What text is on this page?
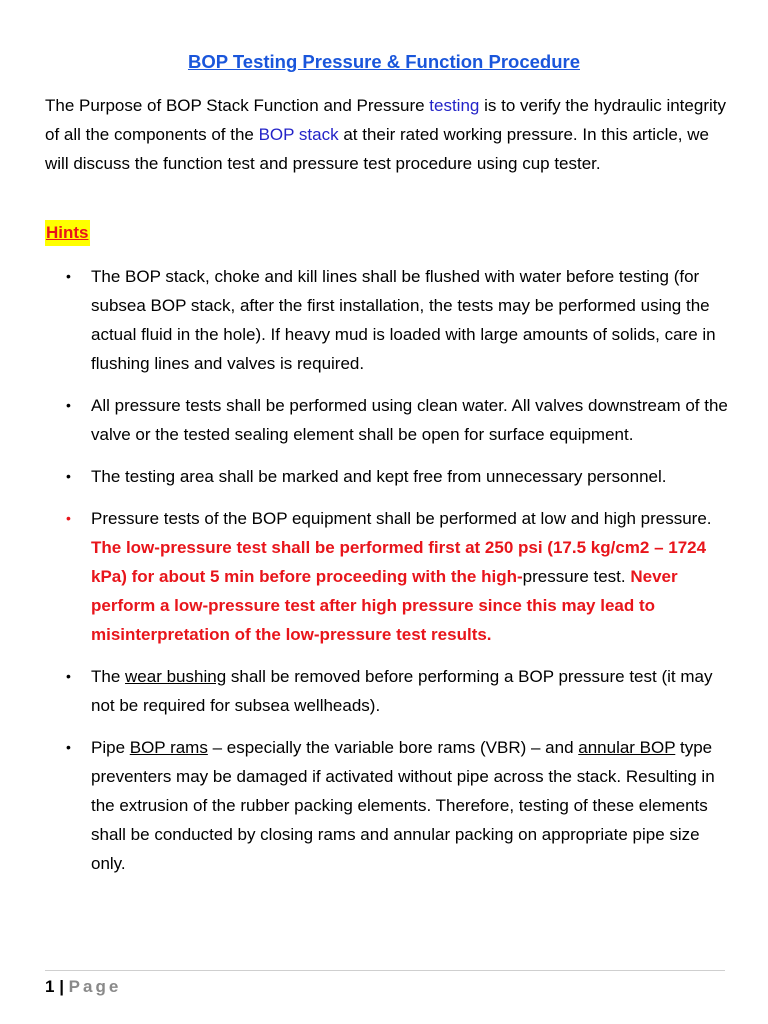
BOP Testing Pressure & Function Procedure

The Purpose of BOP Stack Function and Pressure testing is to verify the hydraulic integrity of all the components of the BOP stack at their rated working pressure. In this article, we will discuss the function test and pressure test procedure using cup tester.

Hints

• The BOP stack, choke and kill lines shall be flushed with water before testing (for subsea BOP stack, after the first installation, the tests may be performed using the actual fluid in the hole). If heavy mud is loaded with large amounts of solids, care in flushing lines and valves is required.
• All pressure tests shall be performed using clean water. All valves downstream of the valve or the tested sealing element shall be open for surface equipment.
• The testing area shall be marked and kept free from unnecessary personnel.
• Pressure tests of the BOP equipment shall be performed at low and high pressure. The low-pressure test shall be performed first at 250 psi (17.5 kg/cm2 – 1724 kPa) for about 5 min before proceeding with the high-pressure test. Never perform a low-pressure test after high pressure since this may lead to misinterpretation of the low-pressure test results.
• The wear bushing shall be removed before performing a BOP pressure test (it may not be required for subsea wellheads).
• Pipe BOP rams – especially the variable bore rams (VBR) – and annular BOP type preventers may be damaged if activated without pipe across the stack. Resulting in the extrusion of the rubber packing elements. Therefore, testing of these elements shall be conducted by closing rams and annular packing on appropriate pipe size only.
1 | Page
